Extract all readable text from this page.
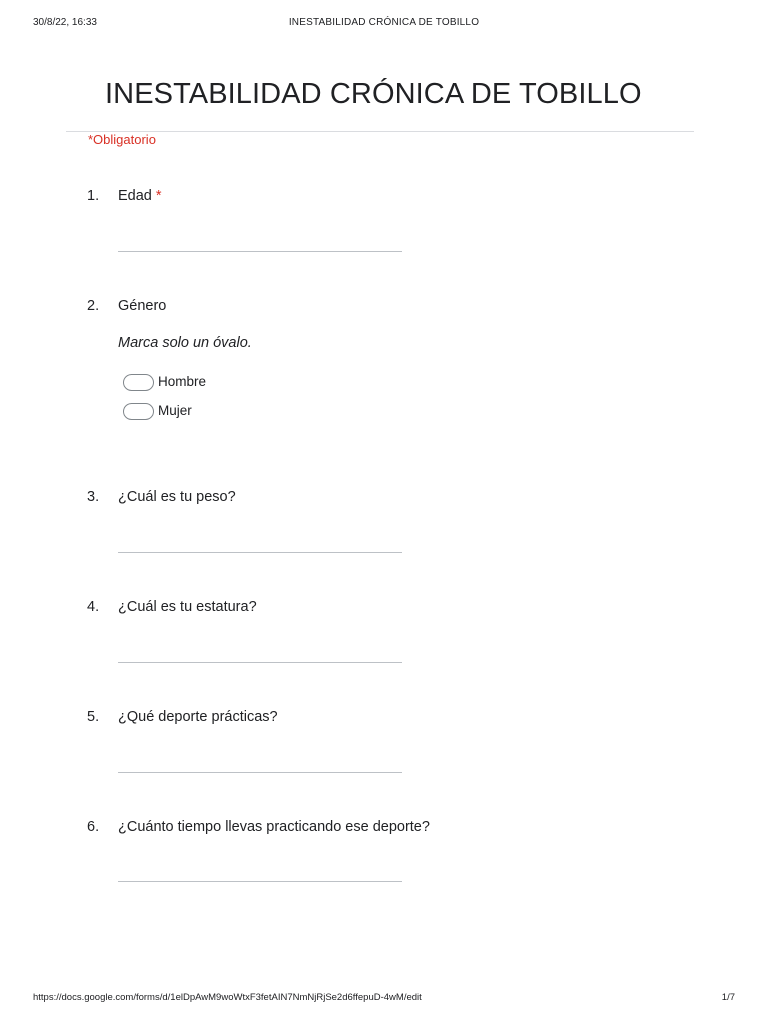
30/8/22, 16:33	INESTABILIDAD CRÓNICA DE TOBILLO
INESTABILIDAD CRÓNICA DE TOBILLO
*Obligatorio
1. Edad *
2. Género
Marca solo un óvalo.
Hombre
Mujer
3. ¿Cuál es tu peso?
4. ¿Cuál es tu estatura?
5. ¿Qué deporte prácticas?
6. ¿Cuánto tiempo llevas practicando ese deporte?
https://docs.google.com/forms/d/1elDpAwM9woWtxF3fetAIN7NmNjRjSe2d6ffepuD-4wM/edit	1/7
